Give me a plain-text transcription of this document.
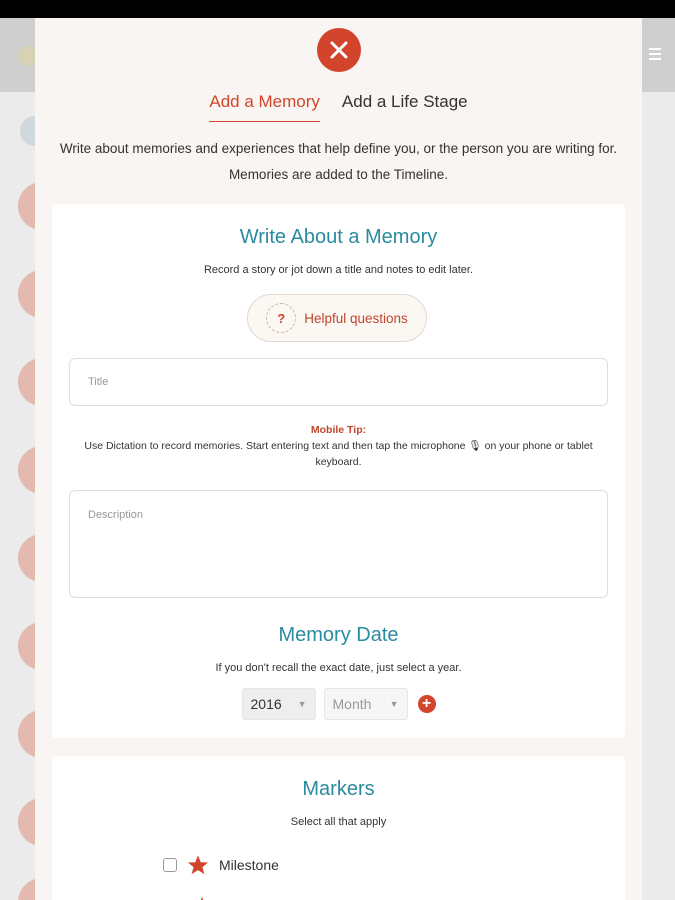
Add a Memory Add a Life Stage

Write about memories and experiences that help define you, or the person you are writing for. Memories are added to the Timeline.

Write About a Memory
Record a story or jot down a title and notes to edit later.
?	Helpful questions
Title
Mobile Tip:
Use Dictation to record memories. Start entering text and then tap the microphone 🎙 on your phone or tablet keyboard.
Description
Memory Date
If you don't recall the exact date, just select a year.
2016 ▼ Month ▼ +
Markers
Select all that apply
Milestone
